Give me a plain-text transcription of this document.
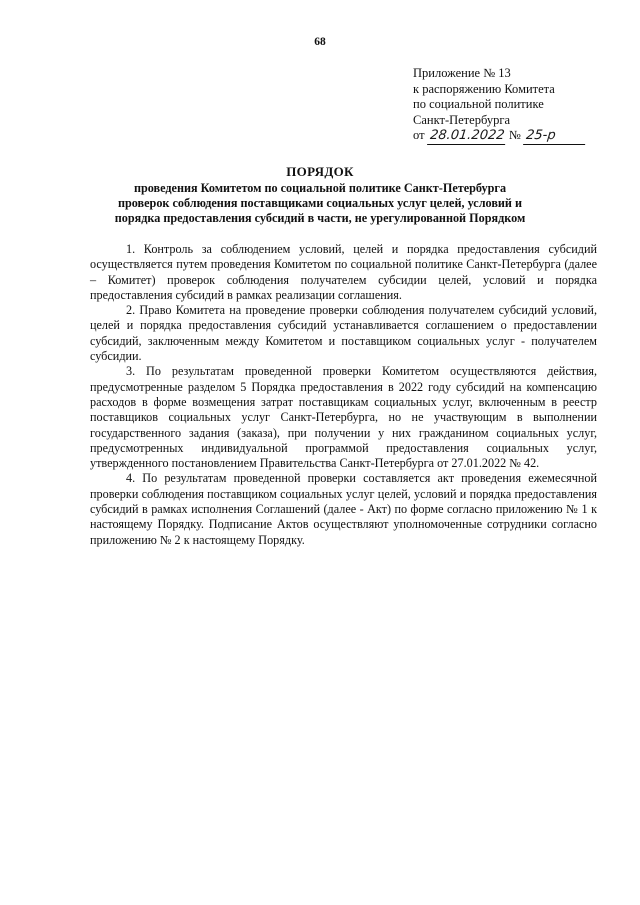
68
Приложение № 13
к распоряжению Комитета
по социальной политике
Санкт-Петербурга
от 28.01.2022 № 25-р
ПОРЯДОК
проведения Комитетом по социальной политике Санкт-Петербурга проверок соблюдения поставщиками социальных услуг целей, условий и порядка предоставления субсидий в части, не урегулированной Порядком

1. Контроль за соблюдением условий, целей и порядка предоставления субсидий осуществляется путем проведения Комитетом по социальной политике Санкт-Петербурга (далее – Комитет) проверок соблюдения получателем субсидии целей, условий и порядка предоставления субсидий в рамках реализации соглашения.

2. Право Комитета на проведение проверки соблюдения получателем субсидий условий, целей и порядка предоставления субсидий устанавливается соглашением о предоставлении субсидий, заключенным между Комитетом и поставщиком социальных услуг - получателем субсидии.

3. По результатам проведенной проверки Комитетом осуществляются действия, предусмотренные разделом 5 Порядка предоставления в 2022 году субсидий на компенсацию расходов в форме возмещения затрат поставщикам социальных услуг, включенным в реестр поставщиков социальных услуг Санкт-Петербурга, но не участвующим в выполнении государственного задания (заказа), при получении у них гражданином социальных услуг, предусмотренных индивидуальной программой предоставления социальных услуг, утвержденного постановлением Правительства Санкт-Петербурга от 27.01.2022 № 42.

4. По результатам проведенной проверки составляется акт проведения ежемесячной проверки соблюдения поставщиком социальных услуг целей, условий и порядка предоставления субсидий в рамках исполнения Соглашений (далее - Акт) по форме согласно приложению № 1 к настоящему Порядку. Подписание Актов осуществляют уполномоченные сотрудники согласно приложению № 2 к настоящему Порядку.
